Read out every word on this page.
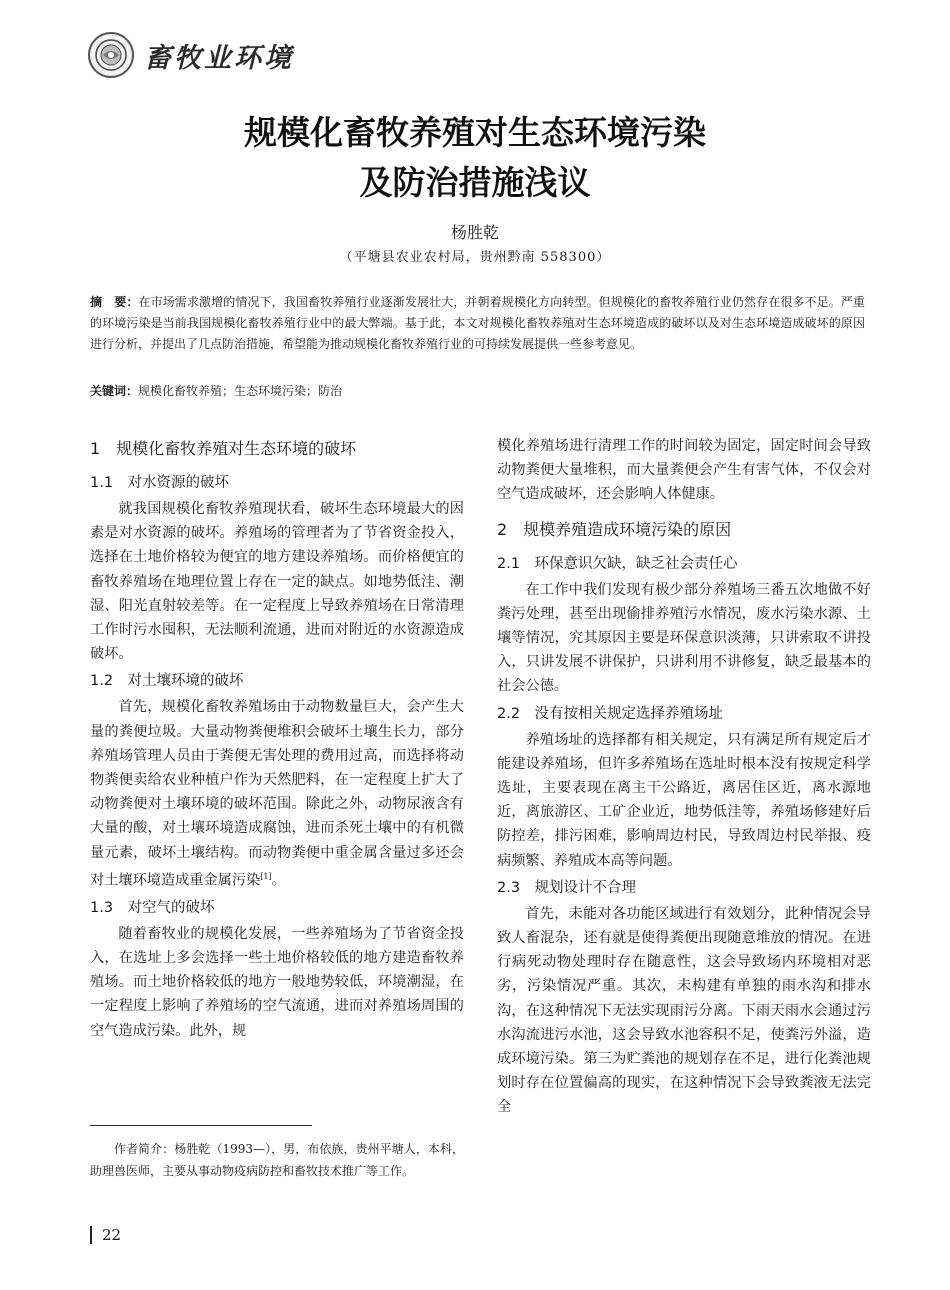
畜牧业环境
规模化畜牧养殖对生态环境污染
及防治措施浅议
杨胜乾
（平塘县农业农村局，贵州黔南 558300）
摘　要：在市场需求激增的情况下，我国畜牧养殖行业逐渐发展壮大，并朝着规模化方向转型。但规模化的畜牧养殖行业仍然存在很多不足。严重的环境污染是当前我国规模化畜牧养殖行业中的最大弊端。基于此，本文对规模化畜牧养殖对生态环境造成的破坏以及对生态环境造成破坏的原因进行分析，并提出了几点防治措施，希望能为推动规模化畜牧养殖行业的可持续发展提供一些参考意见。
关键词：规模化畜牧养殖；生态环境污染；防治
1　规模化畜牧养殖对生态环境的破坏
1.1　对水资源的破坏

就我国规模化畜牧养殖现状看，破坏生态环境最大的因素是对水资源的破坏。养殖场的管理者为了节省资金投入，选择在土地价格较为便宜的地方建设养殖场。而价格便宜的畜牧养殖场在地理位置上存在一定的缺点。如地势低洼、潮湿、阳光直射较差等。在一定程度上导致养殖场在日常清理工作时污水囤积，无法顺利流通，进而对附近的水资源造成破坏。

1.2　对土壤环境的破坏

首先，规模化畜牧养殖场由于动物数量巨大，会产生大量的粪便垃圾。大量动物粪便堆积会破坏土壤生长力，部分养殖场管理人员由于粪便无害处理的费用过高，而选择将动物粪便卖给农业种植户作为天然肥料，在一定程度上扩大了动物粪便对土壤环境的破坏范围。除此之外，动物尿液含有大量的酸，对土壤环境造成腐蚀，进而杀死土壤中的有机微量元素，破坏土壤结构。而动物粪便中重金属含量过多还会对土壤环境造成重金属污染[1]。

1.3　对空气的破坏

随着畜牧业的规模化发展，一些养殖场为了节省资金投入，在选址上多会选择一些土地价格较低的地方建造畜牧养殖场。而土地价格较低的地方一般地势较低，环境潮湿，在一定程度上影响了养殖场的空气流通，进而对养殖场周围的空气造成污染。此外，规

模化养殖场进行清理工作的时间较为固定，固定时间会导致动物粪便大量堆积，而大量粪便会产生有害气体，不仅会对空气造成破坏，还会影响人体健康。

2　规模养殖造成环境污染的原因
2.1　环保意识欠缺，缺乏社会责任心

在工作中我们发现有极少部分养殖场三番五次地做不好粪污处理，甚至出现偷排养殖污水情况，废水污染水源、土壤等情况，究其原因主要是环保意识淡薄，只讲索取不讲投入，只讲发展不讲保护，只讲利用不讲修复，缺乏最基本的社会公德。

2.2　没有按相关规定选择养殖场址

养殖场址的选择都有相关规定，只有满足所有规定后才能建设养殖场，但许多养殖场在选址时根本没有按规定科学选址，主要表现在离主干公路近，离居住区近，离水源地近，离旅游区、工矿企业近，地势低洼等，养殖场修建好后防控差，排污困难，影响周边村民，导致周边村民举报、疫病频繁、养殖成本高等问题。

2.3　规划设计不合理

首先，未能对各功能区域进行有效划分，此种情况会导致人畜混杂，还有就是使得粪便出现随意堆放的情况。在进行病死动物处理时存在随意性，这会导致场内环境相对恶劣，污染情况严重。其次，未构建有单独的雨水沟和排水沟，在这种情况下无法实现雨污分离。下雨天雨水会通过污水沟流进污水池，这会导致水池容积不足，使粪污外溢，造成环境污染。第三为贮粪池的规划存在不足，进行化粪池规划时存在位置偏高的现实，在这种情况下会导致粪液无法完全

作者简介：杨胜乾（1993—），男，布依族，贵州平塘人，本科，助理兽医师，主要从事动物疫病防控和畜牧技术推广等工作。
22
